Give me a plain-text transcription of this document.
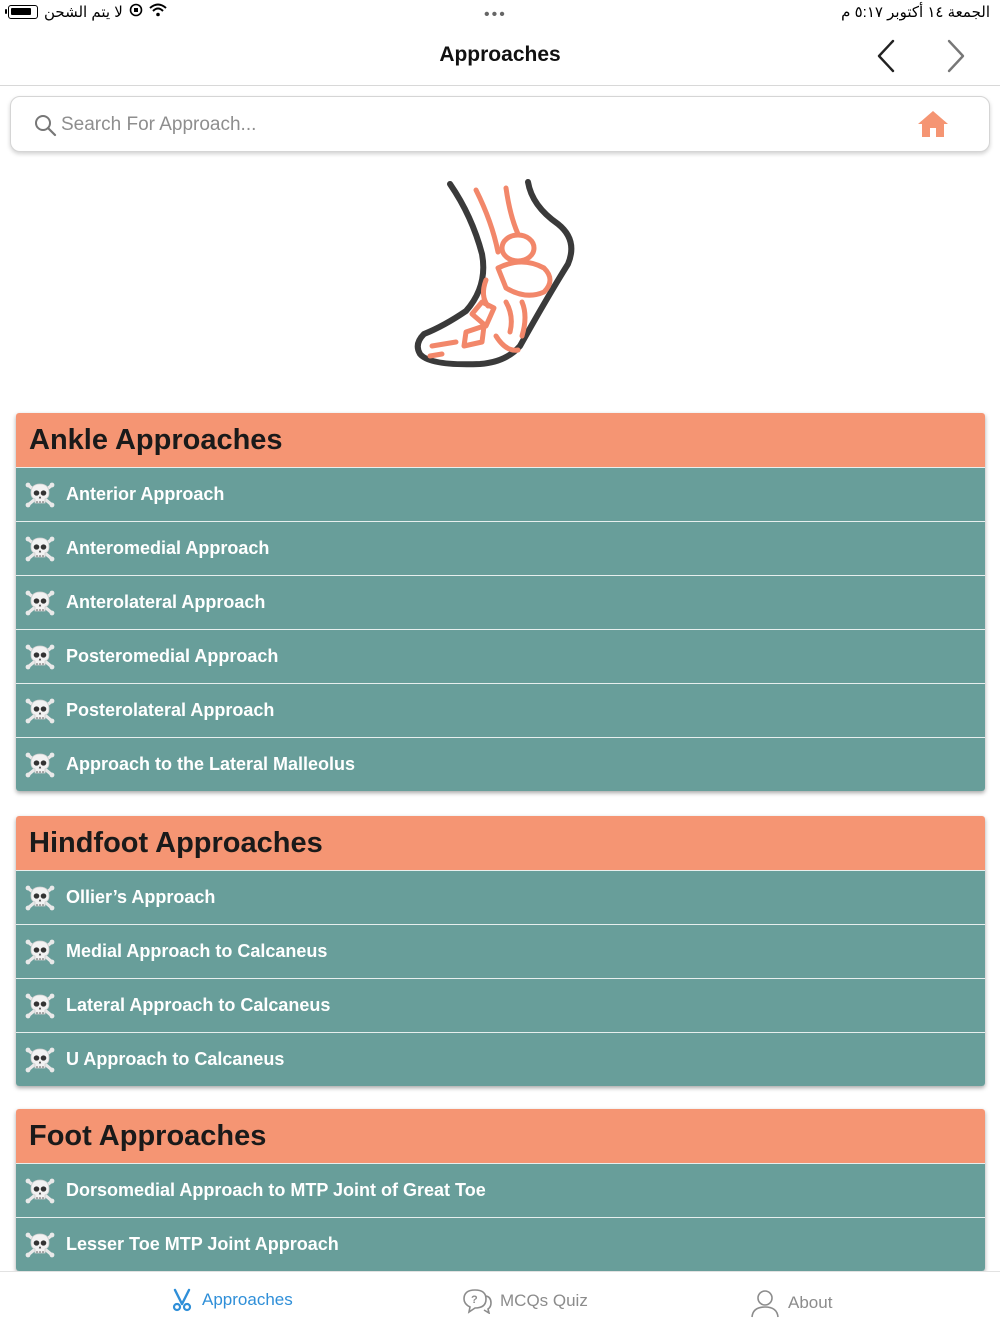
لا يتم الشحن	•••	الجمعة ١٤ أكتوبر ٥:١٧ م
Approaches
Search For Approach...
Ankle Approaches
Anterior Approach
Anteromedial Approach
Anterolateral Approach
Posteromedial Approach
Posterolateral Approach
Approach to the Lateral Malleolus
Hindfoot Approaches
Ollier’s Approach
Medial Approach to Calcaneus
Lateral Approach to Calcaneus
U Approach to Calcaneus
Foot Approaches
Dorsomedial Approach to MTP Joint of Great Toe
Lesser Toe MTP Joint Approach
Approaches	? MCQs Quiz	About
